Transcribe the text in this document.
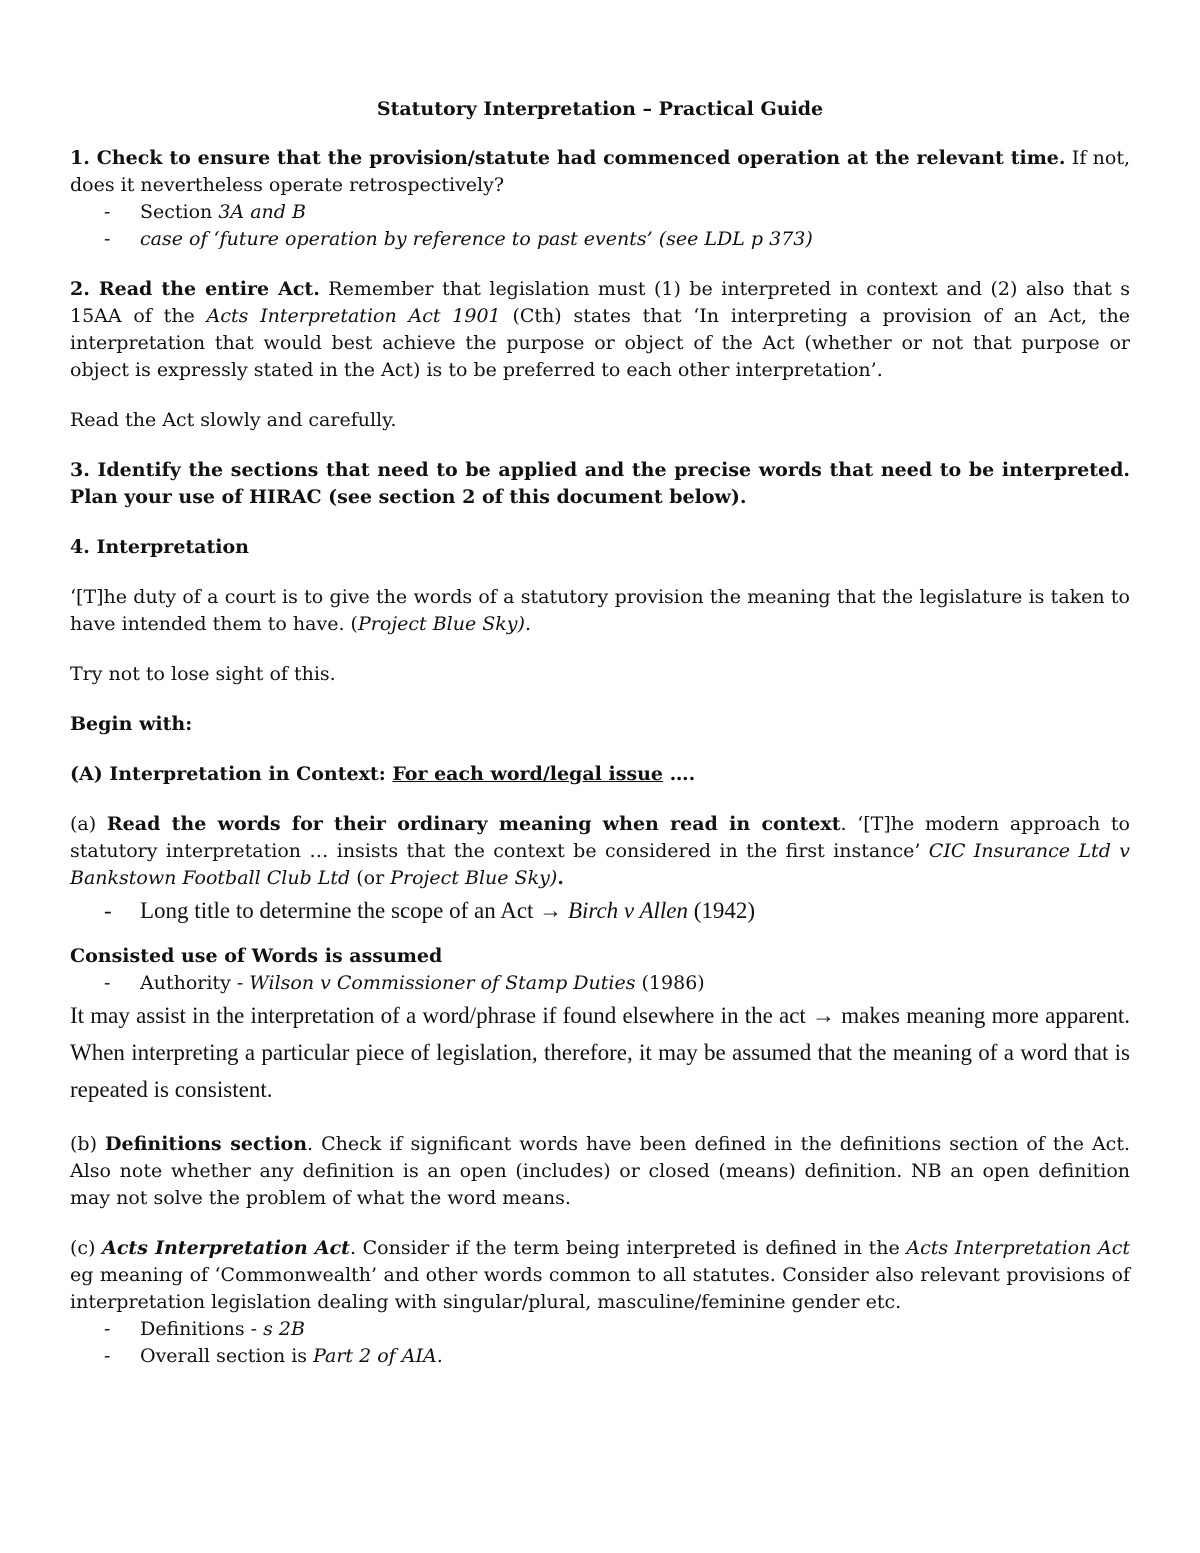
Statutory Interpretation – Practical Guide

1. Check to ensure that the provision/statute had commenced operation at the relevant time. If not, does it nevertheless operate retrospectively?

- Section 3A and B
- case of ‘future operation by reference to past events’ (see LDL p 373)

2. Read the entire Act. Remember that legislation must (1) be interpreted in context and (2) also that s 15AA of the Acts Interpretation Act 1901 (Cth) states that ‘In interpreting a provision of an Act, the interpretation that would best achieve the purpose or object of the Act (whether or not that purpose or object is expressly stated in the Act) is to be preferred to each other interpretation’.

Read the Act slowly and carefully.

3. Identify the sections that need to be applied and the precise words that need to be interpreted. Plan your use of HIRAC (see section 2 of this document below).

4. Interpretation

‘[T]he duty of a court is to give the words of a statutory provision the meaning that the legislature is taken to have intended them to have. (Project Blue Sky).

Try not to lose sight of this.

Begin with:

(A) Interpretation in Context: For each word/legal issue ….

(a) Read the words for their ordinary meaning when read in context. ‘[T]he modern approach to statutory interpretation … insists that the context be considered in the first instance’ CIC Insurance Ltd v Bankstown Football Club Ltd (or Project Blue Sky).

- Long title to determine the scope of an Act → Birch v Allen (1942)

Consisted use of Words is assumed

- Authority - Wilson v Commissioner of Stamp Duties (1986)

It may assist in the interpretation of a word/phrase if found elsewhere in the act → makes meaning more apparent. When interpreting a particular piece of legislation, therefore, it may be assumed that the meaning of a word that is repeated is consistent.

(b) Definitions section. Check if significant words have been defined in the definitions section of the Act. Also note whether any definition is an open (includes) or closed (means) definition. NB an open definition may not solve the problem of what the word means.

(c) Acts Interpretation Act. Consider if the term being interpreted is defined in the Acts Interpretation Act eg meaning of ‘Commonwealth’ and other words common to all statutes. Consider also relevant provisions of interpretation legislation dealing with singular/plural, masculine/feminine gender etc.

- Definitions - s 2B
- Overall section is Part 2 of AIA.
